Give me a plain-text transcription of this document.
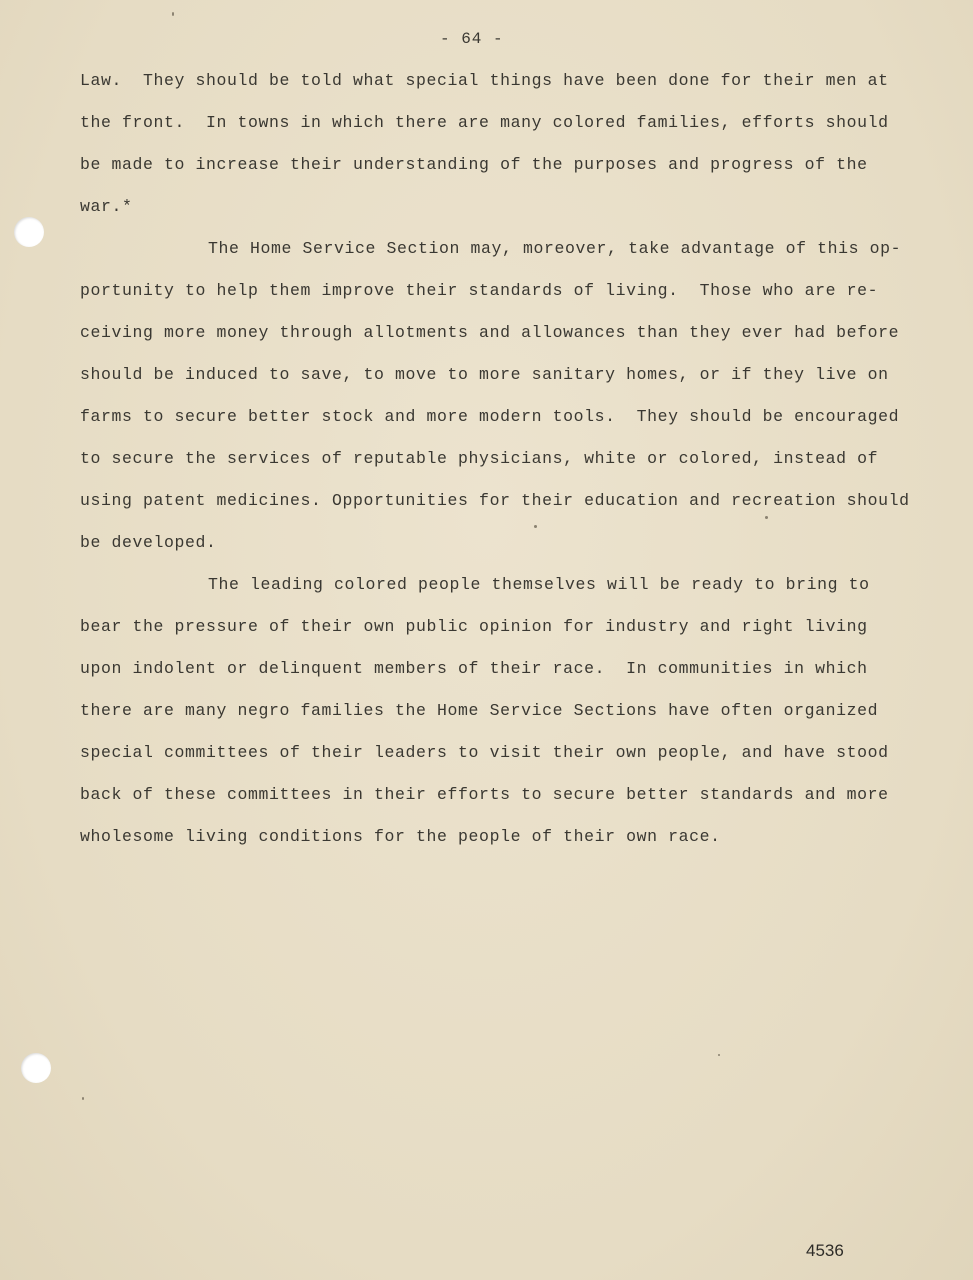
- 64 -
Law.  They should be told what special things have been done for their men at
the front.  In towns in which there are many colored families, efforts should
be made to increase their understanding of the purposes and progress of the
war.*
The Home Service Section may, moreover, take advantage of this op-
portunity to help them improve their standards of living.  Those who are re-
ceiving more money through allotments and allowances than they ever had before
should be induced to save, to move to more sanitary homes, or if they live on
farms to secure better stock and more modern tools.  They should be encouraged
to secure the services of reputable physicians, white or colored, instead of
using patent medicines. Opportunities for their education and recreation should
be developed.
The leading colored people themselves will be ready to bring to
bear the pressure of their own public opinion for industry and right living
upon indolent or delinquent members of their race.  In communities in which
there are many negro families the Home Service Sections have often organized
special committees of their leaders to visit their own people, and have stood
back of these committees in their efforts to secure better standards and more
wholesome living conditions for the people of their own race.
4536
